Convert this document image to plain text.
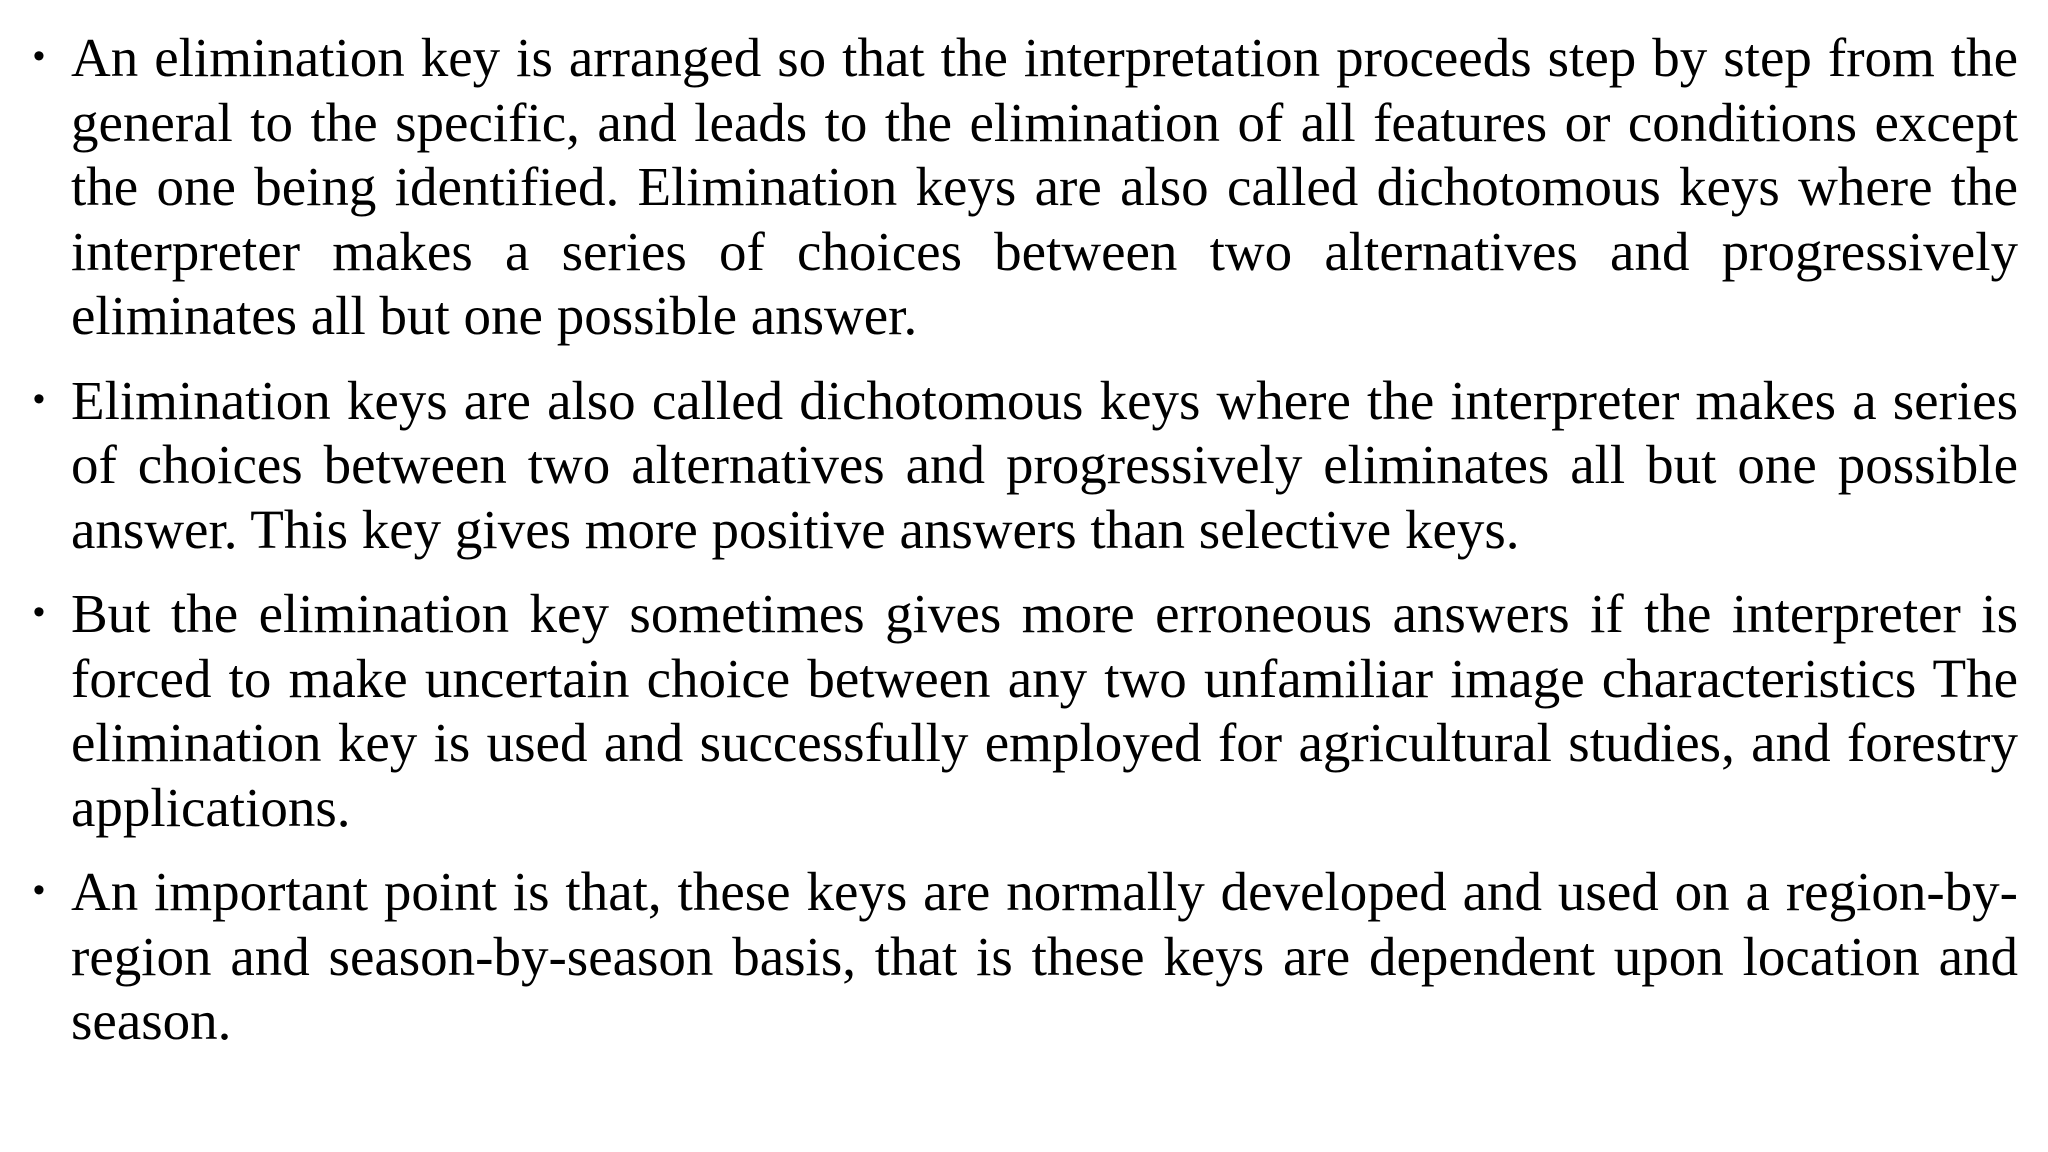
• An elimination key is arranged so that the interpretation proceeds step by step from the general to the specific, and leads to the elimination of all features or conditions except the one being identified. Elimination keys are also called dichotomous keys where the interpreter makes a series of choices between two alternatives and progressively eliminates all but one possible answer.
• Elimination keys are also called dichotomous keys where the interpreter makes a series of choices between two alternatives and progressively eliminates all but one possible answer. This key gives more positive answers than selective keys.
• But the elimination key sometimes gives more erroneous answers if the interpreter is forced to make uncertain choice between any two unfamiliar image characteristics The elimination key is used and successfully employed for agricultural studies, and forestry applications.
• An important point is that, these keys are normally developed and used on a region-by-region and season-by-season basis, that is these keys are dependent upon location and season.
